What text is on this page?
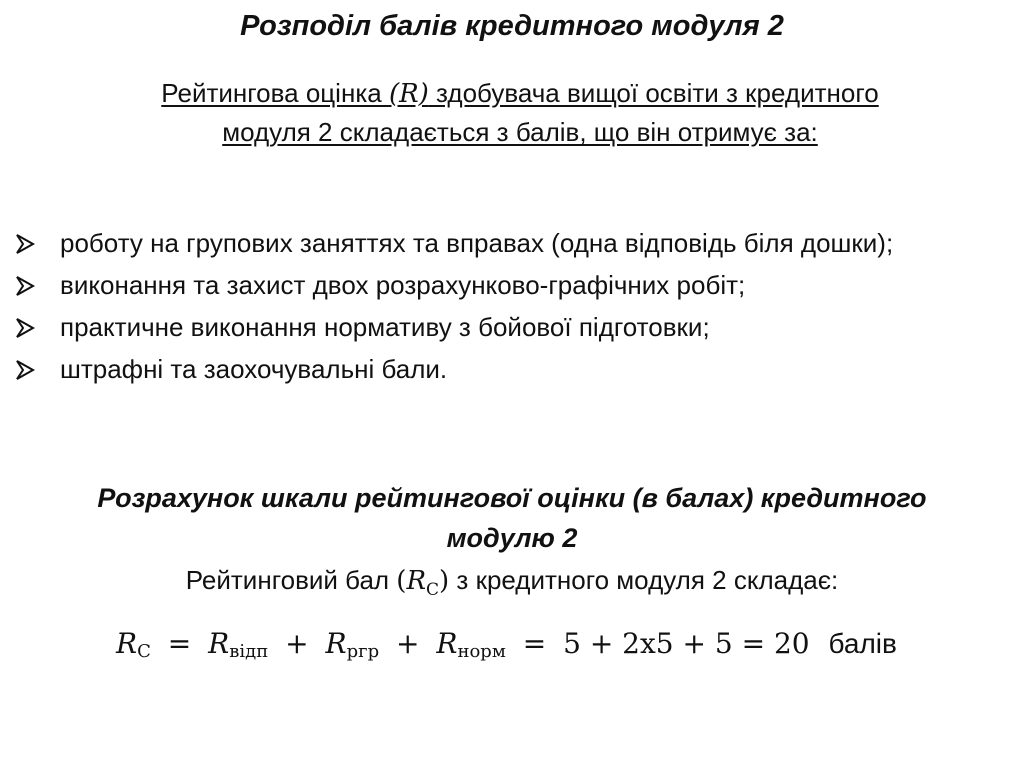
Розподіл балів кредитного модуля 2
Рейтингова оцінка (R) здобувача вищої освіти з кредитного
модуля 2 складається з балів, що він отримує за:
роботу на групових заняттях та вправах (одна відповідь біля дошки);
виконання та захист двох розрахунково-графічних робіт;
практичне виконання нормативу з бойової підготовки;
штрафні та заохочувальні бали.
Розрахунок шкали рейтингової оцінки (в балах) кредитного модулю 2
Рейтинговий бал $(R_С)$ з кредитного модуля 2 складає:
$R_С = R_{відп} + R_{ргр} + R_{норм} = 5 + 2х5 + 5 = 20$ балів
